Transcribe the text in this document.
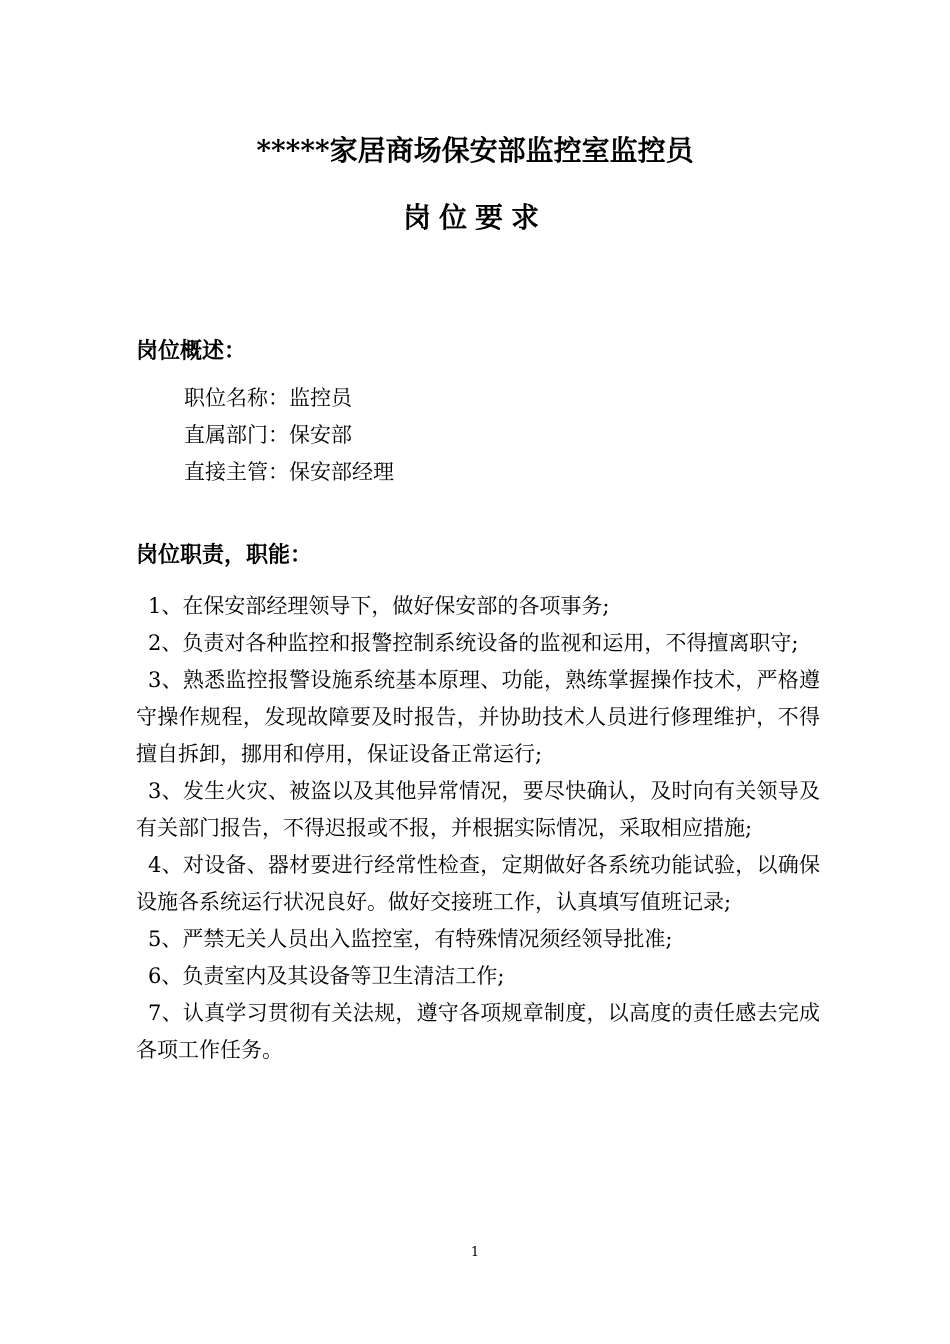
*****家居商场保安部监控室监控员
岗位要求
岗位概述：
职位名称：监控员
直属部门：保安部
直接主管：保安部经理
岗位职责，职能：

1、在保安部经理领导下，做好保安部的各项事务;

2、负责对各种监控和报警控制系统设备的监视和运用，不得擅离职守;

3、熟悉监控报警设施系统基本原理、功能，熟练掌握操作技术，严格遵守操作规程，发现故障要及时报告，并协助技术人员进行修理维护，不得擅自拆卸，挪用和停用，保证设备正常运行;

3、发生火灾、被盗以及其他异常情况，要尽快确认，及时向有关领导及有关部门报告，不得迟报或不报，并根据实际情况，采取相应措施;

4、对设备、器材要进行经常性检查，定期做好各系统功能试验，以确保设施各系统运行状况良好。做好交接班工作，认真填写值班记录;

5、严禁无关人员出入监控室，有特殊情况须经领导批准;

6、负责室内及其设备等卫生清洁工作;

7、认真学习贯彻有关法规，遵守各项规章制度，以高度的责任感去完成各项工作任务。

1
